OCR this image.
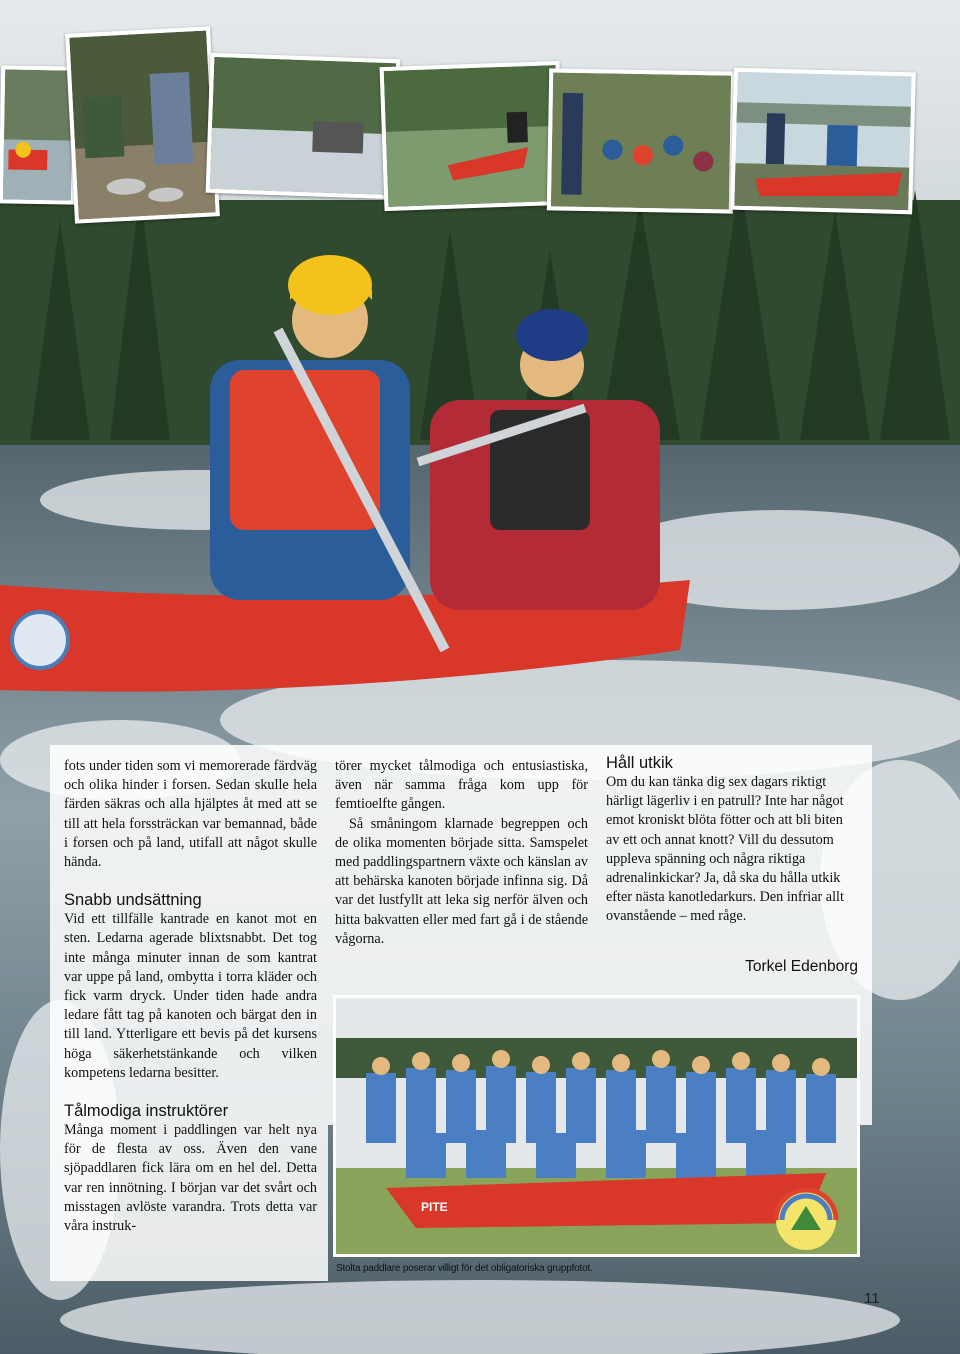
fots under tiden som vi memorerade färdväg och olika hinder i forsen. Sedan skulle hela färden säkras och alla hjälptes åt med att se till att hela forssträckan var bemannad, både i forsen och på land, utifall att något skulle hända.

Snabb undsättning

Vid ett tillfälle kantrade en kanot mot en sten. Ledarna agerade blixtsnabbt. Det tog inte många minuter innan de som kantrat var uppe på land, ombytta i torra kläder och fick varm dryck. Under tiden hade andra ledare fått tag på kanoten och bärgat den in till land. Ytterligare ett bevis på det kursens höga säkerhetstänkande och vilken kompetens ledarna besitter.

Tålmodiga instruktörer

Många moment i paddlingen var helt nya för de flesta av oss. Även den vane sjöpaddlaren fick lära om en hel del. Detta var ren innötning. I början var det svårt och misstagen avlöste varandra. Trots detta var våra instruk-

törer mycket tålmodiga och entusiastiska, även när samma fråga kom upp för femtioelfte gången.

Så småningom klarnade begreppen och de olika momenten började sitta. Samspelet med paddlingspartnern växte och känslan av att behärska kanoten började infinna sig. Då var det lustfyllt att leka sig nerför älven och hitta bakvatten eller med fart gå i de stående vågorna.

Håll utkik

Om du kan tänka dig sex dagars riktigt härligt lägerliv i en patrull? Inte har något emot kroniskt blöta fötter och att bli biten av ett och annat knott? Vill du dessutom uppleva spänning och några riktiga adrenalinkickar? Ja, då ska du hålla utkik efter nästa kanotledarkurs. Den infriar allt ovanstående – med råge.

Torkel Edenborg
PITE
Stolta paddlare poserar villigt för det obligatoriska gruppfotot.
11
